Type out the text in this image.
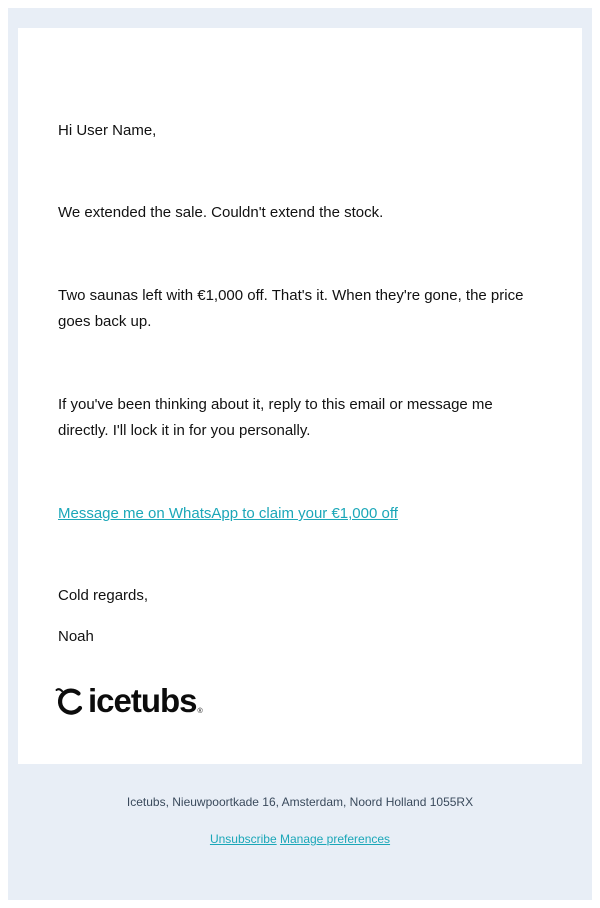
Hi User Name,

We extended the sale. Couldn't extend the stock.

Two saunas left with €1,000 off. That's it. When they're gone, the price goes back up.

If you've been thinking about it, reply to this email or message me directly. I'll lock it in for you personally.

Message me on WhatsApp to claim your €1,000 off

Cold regards,

Noah

icetubs ®
Icetubs, Nieuwpoortkade 16, Amsterdam, Noord Holland 1055RX
Unsubscribe Manage preferences
